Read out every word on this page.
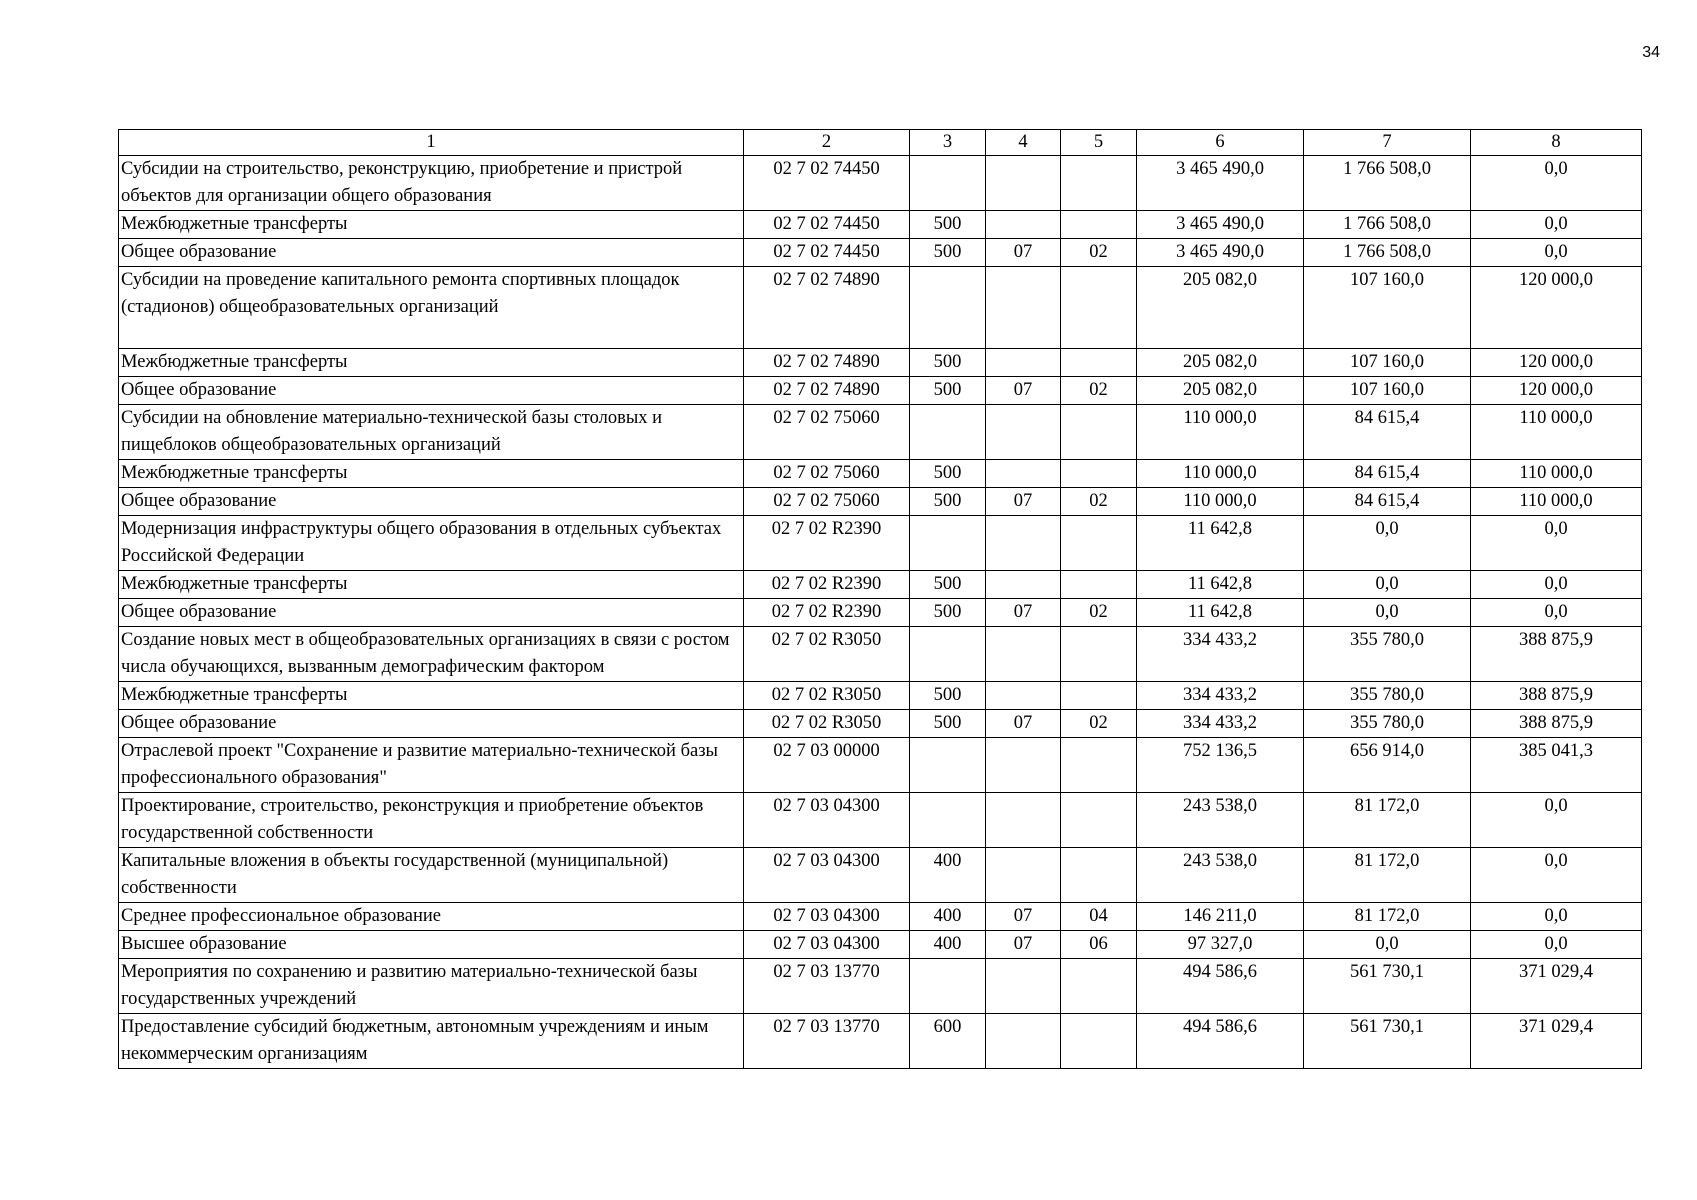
34
1	2	3	4	5	6	7	8
Субсидии на строительство, реконструкцию, приобретение и пристрой объектов для организации общего образования	02 7 02 74450				3 465 490,0	1 766 508,0	0,0
Межбюджетные трансферты	02 7 02 74450	500			3 465 490,0	1 766 508,0	0,0
Общее образование	02 7 02 74450	500	07	02	3 465 490,0	1 766 508,0	0,0
Субсидии на проведение капитального ремонта спортивных площадок (стадионов) общеобразовательных организаций	02 7 02 74890				205 082,0	107 160,0	120 000,0
Межбюджетные трансферты	02 7 02 74890	500			205 082,0	107 160,0	120 000,0
Общее образование	02 7 02 74890	500	07	02	205 082,0	107 160,0	120 000,0
Субсидии на обновление материально-технической базы столовых и пищеблоков общеобразовательных организаций	02 7 02 75060				110 000,0	84 615,4	110 000,0
Межбюджетные трансферты	02 7 02 75060	500			110 000,0	84 615,4	110 000,0
Общее образование	02 7 02 75060	500	07	02	110 000,0	84 615,4	110 000,0
Модернизация инфраструктуры общего образования в отдельных субъектах Российской Федерации	02 7 02 R2390				11 642,8	0,0	0,0
Межбюджетные трансферты	02 7 02 R2390	500			11 642,8	0,0	0,0
Общее образование	02 7 02 R2390	500	07	02	11 642,8	0,0	0,0
Создание новых мест в общеобразовательных организациях в связи с ростом числа обучающихся, вызванным демографическим фактором	02 7 02 R3050				334 433,2	355 780,0	388 875,9
Межбюджетные трансферты	02 7 02 R3050	500			334 433,2	355 780,0	388 875,9
Общее образование	02 7 02 R3050	500	07	02	334 433,2	355 780,0	388 875,9
Отраслевой проект "Сохранение и развитие материально-технической базы профессионального образования"	02 7 03 00000				752 136,5	656 914,0	385 041,3
Проектирование, строительство, реконструкция и приобретение объектов государственной собственности	02 7 03 04300				243 538,0	81 172,0	0,0
Капитальные вложения в объекты государственной (муниципальной) собственности	02 7 03 04300	400			243 538,0	81 172,0	0,0
Среднее профессиональное образование	02 7 03 04300	400	07	04	146 211,0	81 172,0	0,0
Высшее образование	02 7 03 04300	400	07	06	97 327,0	0,0	0,0
Мероприятия по сохранению и развитию материально-технической базы государственных учреждений	02 7 03 13770				494 586,6	561 730,1	371 029,4
Предоставление субсидий бюджетным, автономным учреждениям и иным некоммерческим организациям	02 7 03 13770	600			494 586,6	561 730,1	371 029,4
